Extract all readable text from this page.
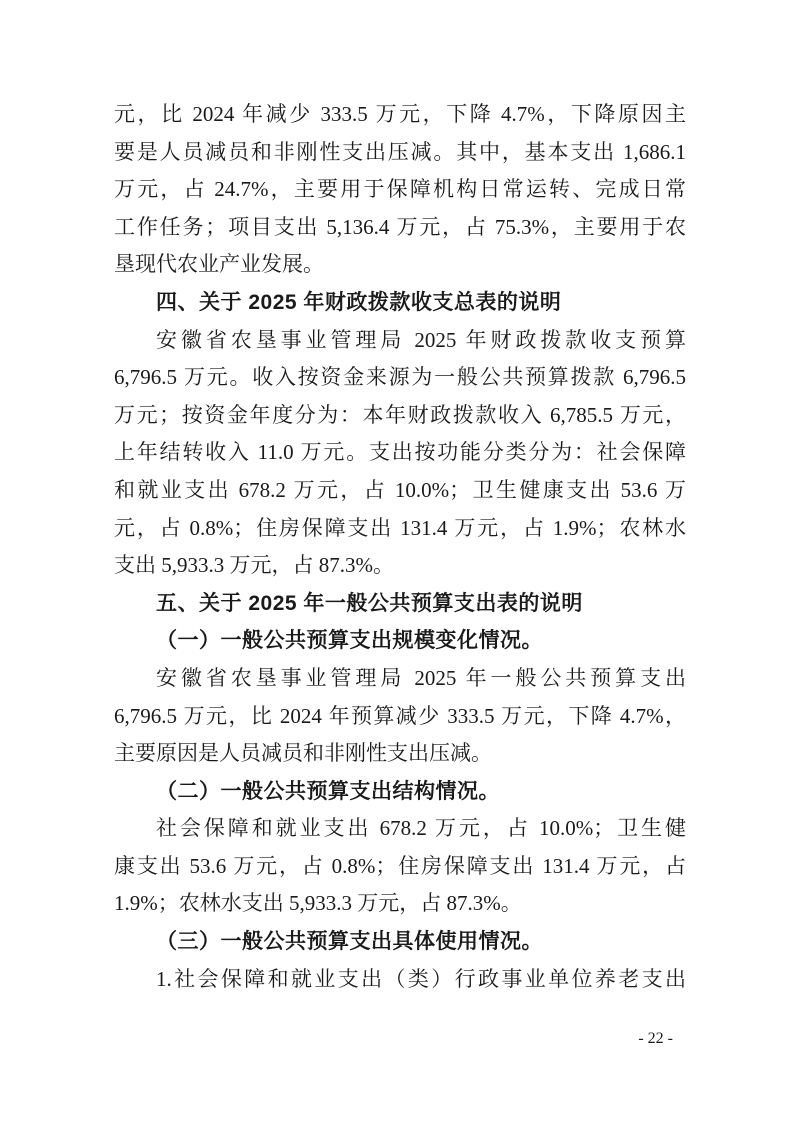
元，比 2024 年减少 333.5 万元，下降 4.7%，下降原因主
要是人员减员和非刚性支出压减。其中，基本支出 1,686.1
万元，占 24.7%，主要用于保障机构日常运转、完成日常
工作任务；项目支出 5,136.4 万元，占 75.3%，主要用于农
垦现代农业产业发展。
四、关于 2025 年财政拨款收支总表的说明
安徽省农垦事业管理局 2025 年财政拨款收支预算
6,796.5 万元。收入按资金来源为一般公共预算拨款 6,796.5
万元；按资金年度分为：本年财政拨款收入 6,785.5 万元，
上年结转收入 11.0 万元。支出按功能分类分为：社会保障
和就业支出 678.2 万元，占 10.0%；卫生健康支出 53.6 万
元，占 0.8%；住房保障支出 131.4 万元，占 1.9%；农林水
支出 5,933.3 万元，占 87.3%。
五、关于 2025 年一般公共预算支出表的说明
（一）一般公共预算支出规模变化情况。
安徽省农垦事业管理局 2025 年一般公共预算支出
6,796.5 万元，比 2024 年预算减少 333.5 万元，下降 4.7%，
主要原因是人员减员和非刚性支出压减。
（二）一般公共预算支出结构情况。
社会保障和就业支出 678.2 万元，占 10.0%；卫生健
康支出 53.6 万元，占 0.8%；住房保障支出 131.4 万元，占
1.9%；农林水支出 5,933.3 万元，占 87.3%。
（三）一般公共预算支出具体使用情况。
1.社会保障和就业支出（类）行政事业单位养老支出
- 22 -
